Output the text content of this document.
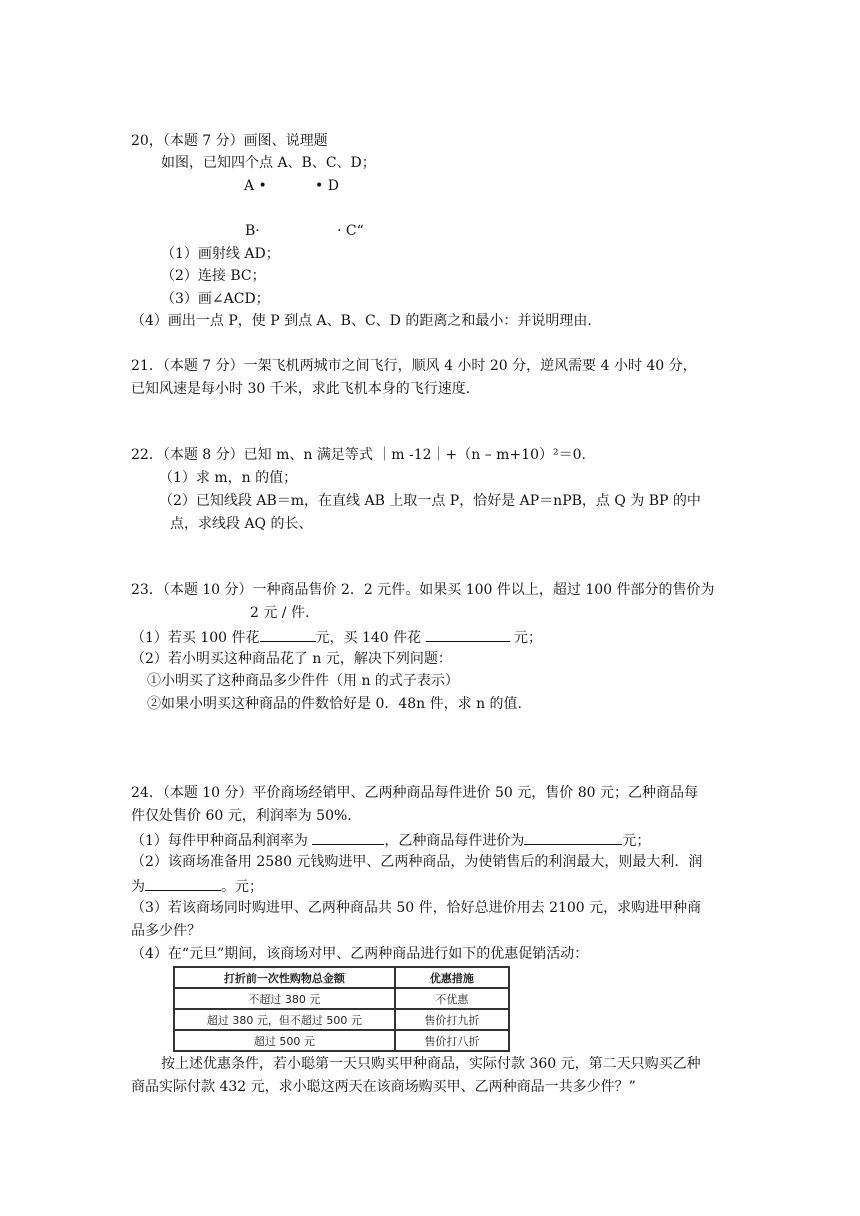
20，（本题 7 分）画图、说理题
如图，已知四个点 A、B、C、D；
A •	• D
B·	· C“
（1）画射线 AD；
（2）连接 BC；
（3）画∠ACD；
（4）画出一点 P，使 P 到点 A、B、C、D 的距离之和最小：并说明理由.
21．（本题 7 分）一架飞机两城市之间飞行，顺风 4 小时 20 分，逆风需要 4 小时 40 分，
已知风速是每小时 30 千米，求此飞机本身的飞行速度.
22．（本题 8 分）已知 m、n 满足等式 ｜m -12｜+（n – m+10）²＝0.
（1）求 m，n 的值；
（2）已知线段 AB＝m，在直线 AB 上取一点 P，恰好是 AP＝nPB，点 Q 为 BP 的中
点，求线段 AQ 的长、
23．（本题 10 分）一种商品售价 2．2 元件。如果买 100 件以上，超过 100 件部分的售价为
2 元 / 件.
（1）若买 100 件花	元，买 140 件花	元；
（2）若小明买这种商品花了 n 元，解决下列问题：
①小明买了这种商品多少件件（用 n 的式子表示）
②如果小明买这种商品的件数恰好是 0．48n 件，求 n 的值.
24．（本题 10 分）平价商场经销甲、乙两种商品每件进价 50 元，售价 80 元；乙种商品每
件仅处售价 60 元，利润率为 50%．
（1）每件甲种商品利润率为	，乙种商品每件进价为	元；
（2）该商场准备用 2580 元钱购进甲、乙两种商品，为使销售后的利润最大，则最大利．润
为	。元；
（3）若该商场同时购进甲、乙两种商品共 50 件，恰好总进价用去 2100 元，求购进甲种商
品多少件？
（4）在“元旦”期间，该商场对甲、乙两种商品进行如下的优惠促销活动：
打折前一次性购物总金额	优惠措施
不超过 380 元	不优惠
超过 380 元，但不超过 500 元	售价打九折
超过 500 元	售价打八折
按上述优惠条件，若小聪第一天只购买甲种商品，实际付款 360 元，第二天只购买乙种
商品实际付款 432 元，求小聪这两天在该商场购买甲、乙两种商品一共多少件？”
